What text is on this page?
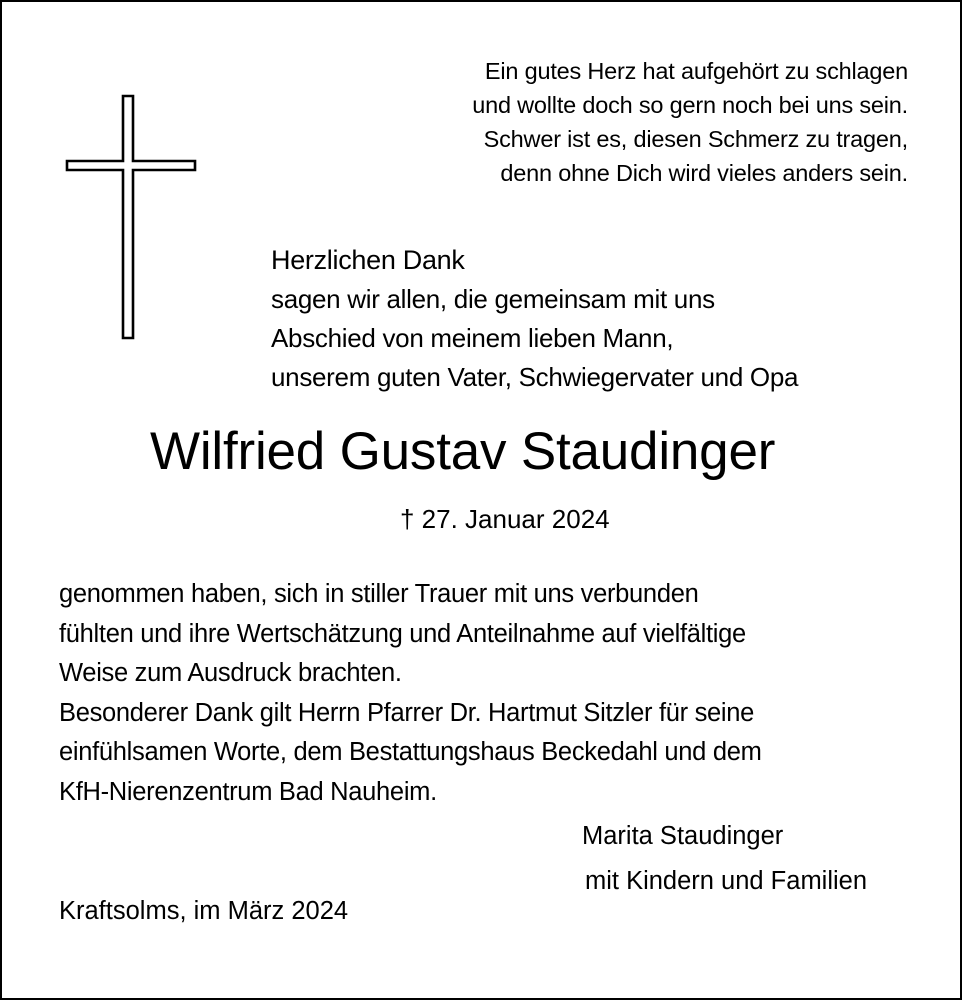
Ein gutes Herz hat aufgehört zu schlagen
und wollte doch so gern noch bei uns sein.
Schwer ist es, diesen Schmerz zu tragen,
denn ohne Dich wird vieles anders sein.
Herzlichen Dank
sagen wir allen, die gemeinsam mit uns
Abschied von meinem lieben Mann,
unserem guten Vater, Schwiegervater und Opa
Wilfried Gustav Staudinger
† 27. Januar 2024
genommen haben, sich in stiller Trauer mit uns verbunden
fühlten und ihre Wertschätzung und Anteilnahme auf vielfältige
Weise zum Ausdruck brachten.
Besonderer Dank gilt Herrn Pfarrer Dr. Hartmut Sitzler für seine
einfühlsamen Worte, dem Bestattungshaus Beckedahl und dem
KfH-Nierenzentrum Bad Nauheim.
Marita Staudinger
mit Kindern und Familien
Kraftsolms, im März 2024
